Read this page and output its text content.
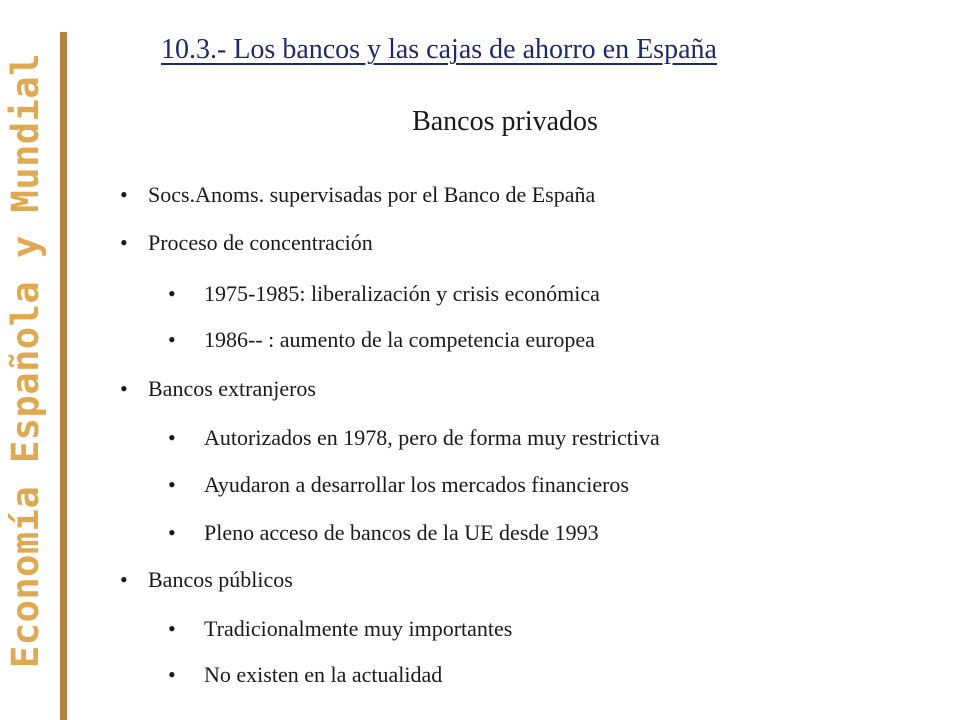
Economía Española y Mundial
10.3.- Los bancos y las cajas de ahorro en España
Bancos privados
• Socs.Anoms. supervisadas por el Banco de España
• Proceso de concentración
• 1975-1985: liberalización y crisis económica
• 1986-- : aumento de la competencia europea
• Bancos extranjeros
• Autorizados en 1978, pero de forma muy restrictiva
• Ayudaron a desarrollar los mercados financieros
• Pleno acceso de bancos de la UE desde 1993
• Bancos públicos
• Tradicionalmente muy importantes
• No existen en la actualidad
